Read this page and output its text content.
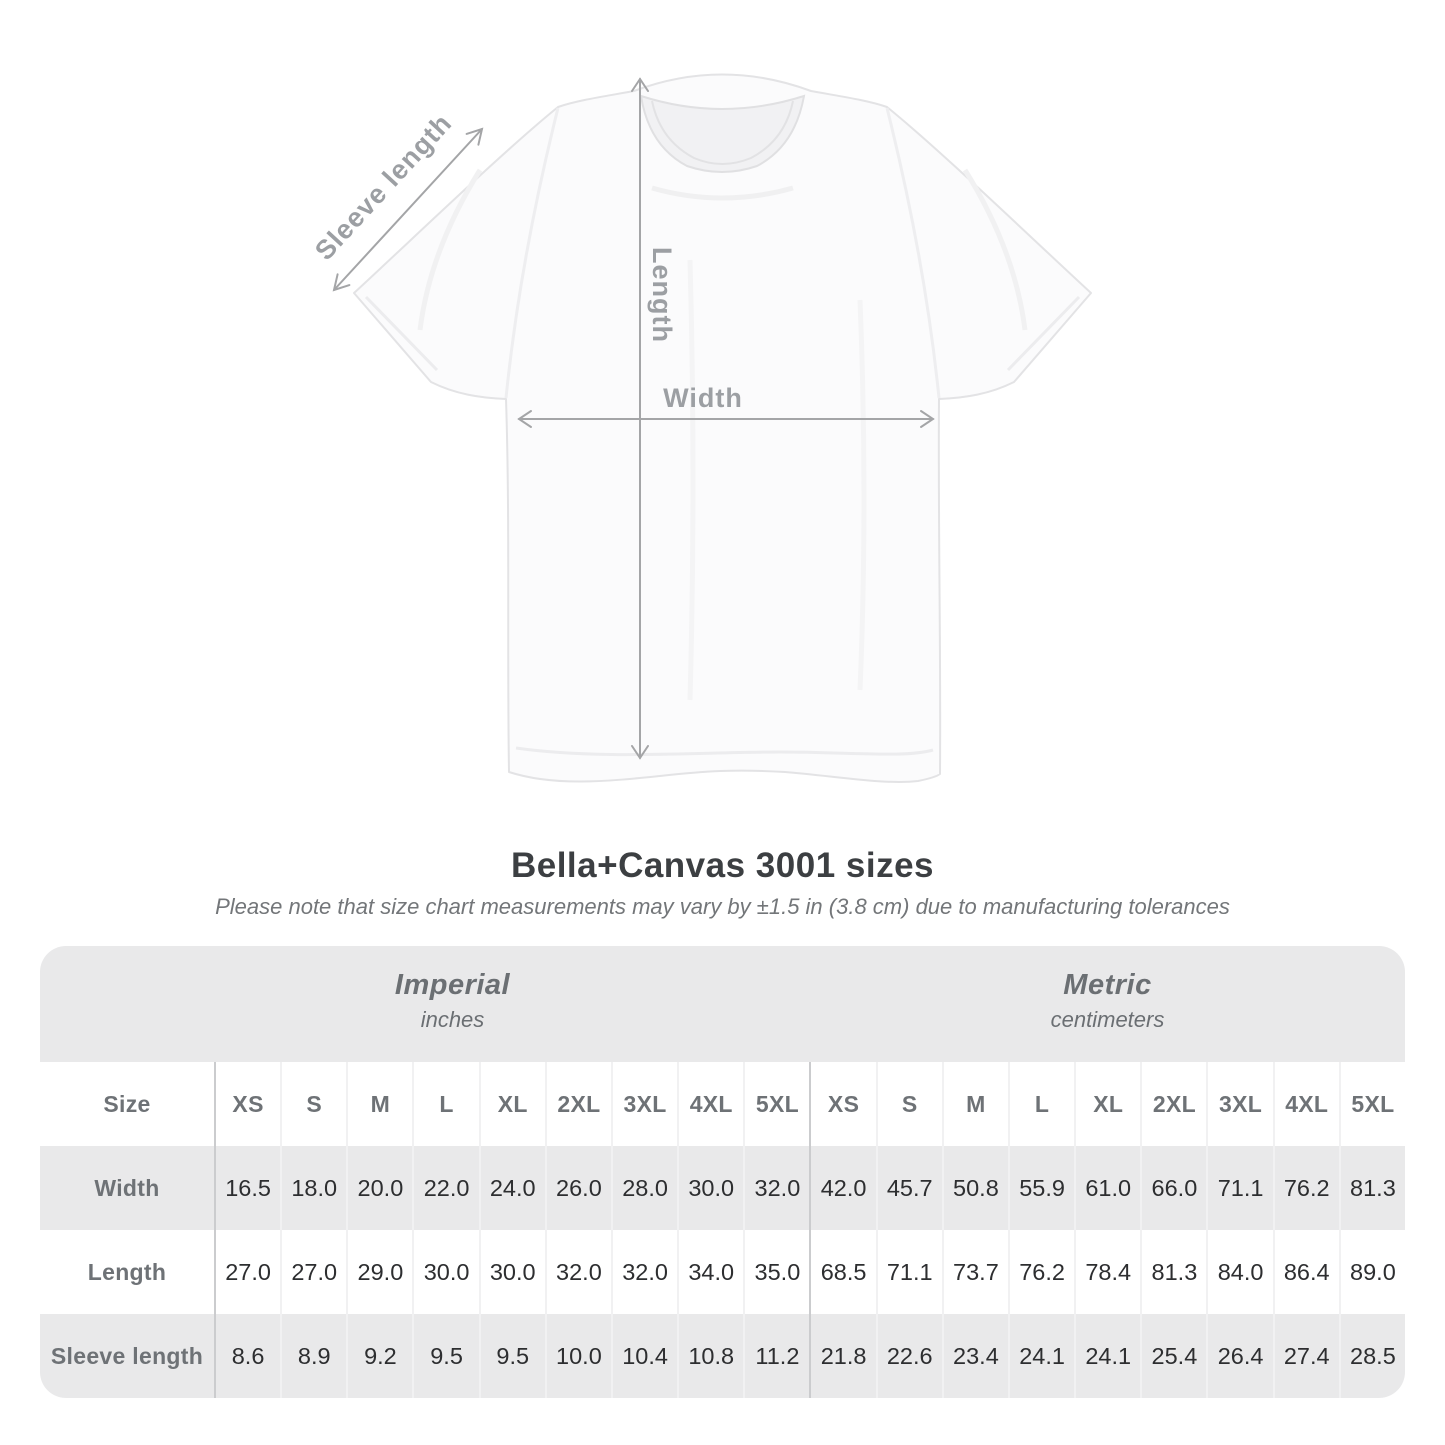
Sleeve length
Length
Width
Bella+Canvas 3001 sizes

Please note that size chart measurements may vary by ±1.5 in (3.8 cm) due to manufacturing tolerances

Imperial
inches
Metric
centimeters
Size	XS	S	M	L	XL	2XL	3XL	4XL	5XL	XS	S	M	L	XL	2XL	3XL	4XL	5XL
Width	16.5 18.0 20.0 22.0 24.0 26.0 28.0 30.0 32.0 42.0 45.7 50.8 55.9 61.0 66.0 71.1 76.2 81.3
Length	27.0 27.0 29.0 30.0 30.0 32.0 32.0 34.0 35.0 68.5 71.1 73.7 76.2 78.4 81.3 84.0 86.4 89.0
Sleeve length	8.6	8.9	9.2	9.5	9.5	10.0 10.4 10.8 11.2 21.8 22.6 23.4 24.1 24.1 25.4 26.4 27.4 28.5
